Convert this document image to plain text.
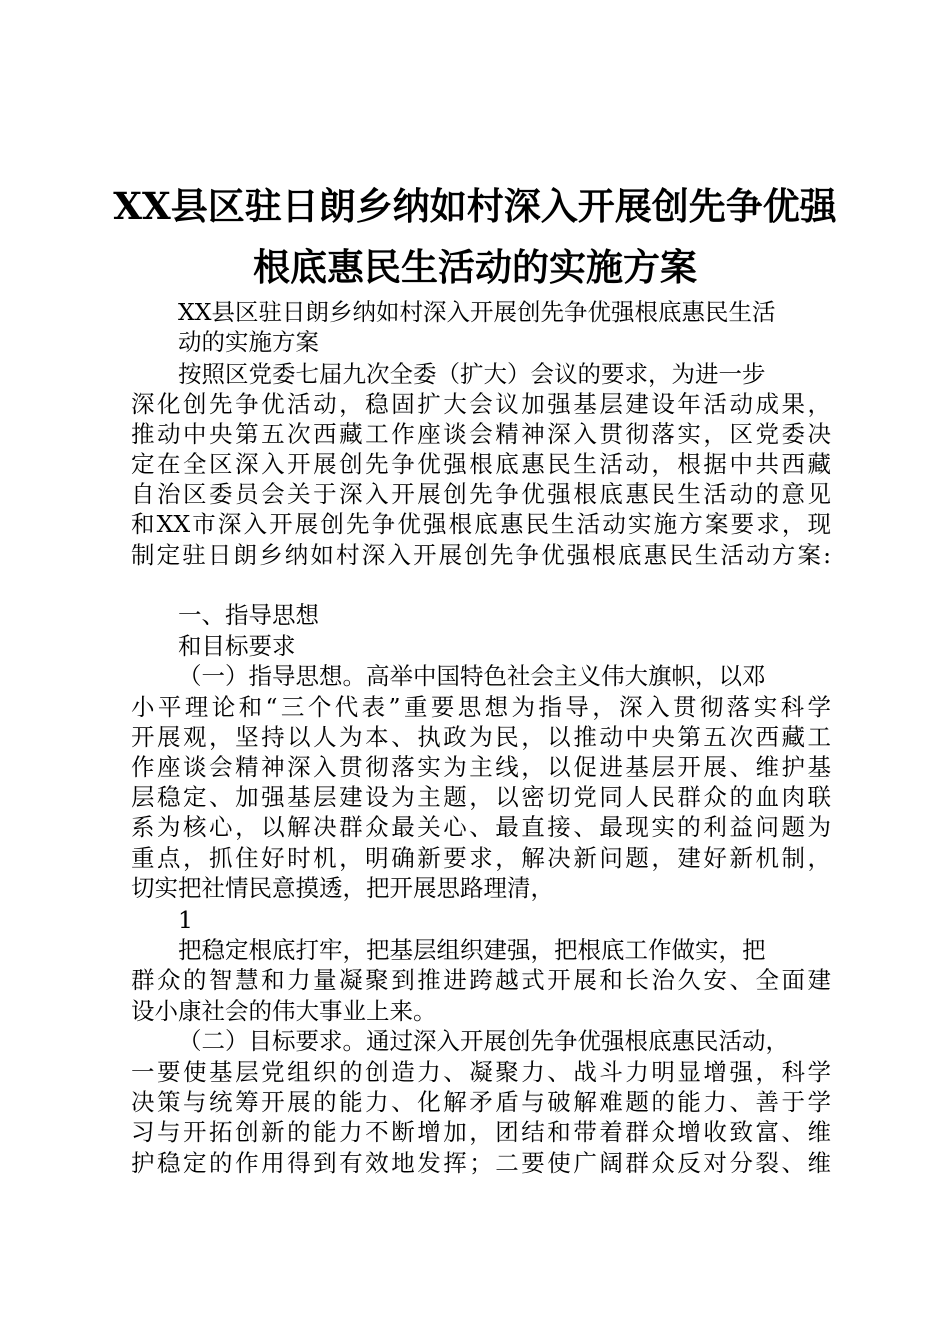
XX县区驻日朗乡纳如村深入开展创先争优强
根底惠民生活动的实施方案
XX县区驻日朗乡纳如村深入开展创先争优强根底惠民生活
动的实施方案
按照区党委七届九次全委（扩大）会议的要求，为进一步
深化创先争优活动，稳固扩大会议加强基层建设年活动成果，
推动中央第五次西藏工作座谈会精神深入贯彻落实，区党委决
定在全区深入开展创先争优强根底惠民生活动，根据中共西藏
自治区委员会关于深入开展创先争优强根底惠民生活动的意见
和XX市深入开展创先争优强根底惠民生活动实施方案要求，现
制定驻日朗乡纳如村深入开展创先争优强根底惠民生活动方案:
一、指导思想
和目标要求
（一）指导思想。高举中国特色社会主义伟大旗帜，以邓
小平理论和“三个代表”重要思想为指导，深入贯彻落实科学
开展观，坚持以人为本、执政为民，以推动中央第五次西藏工
作座谈会精神深入贯彻落实为主线，以促进基层开展、维护基
层稳定、加强基层建设为主题，以密切党同人民群众的血肉联
系为核心，以解决群众最关心、最直接、最现实的利益问题为
重点，抓住好时机，明确新要求，解决新问题，建好新机制，
切实把社情民意摸透，把开展思路理清，
1
把稳定根底打牢，把基层组织建强，把根底工作做实，把
群众的智慧和力量凝聚到推进跨越式开展和长治久安、全面建
设小康社会的伟大事业上来。
（二）目标要求。通过深入开展创先争优强根底惠民活动，
一要使基层党组织的创造力、凝聚力、战斗力明显增强，科学
决策与统筹开展的能力、化解矛盾与破解难题的能力、善于学
习与开拓创新的能力不断增加，团结和带着群众增收致富、维
护稳定的作用得到有效地发挥；二要使广阔群众反对分裂、维
